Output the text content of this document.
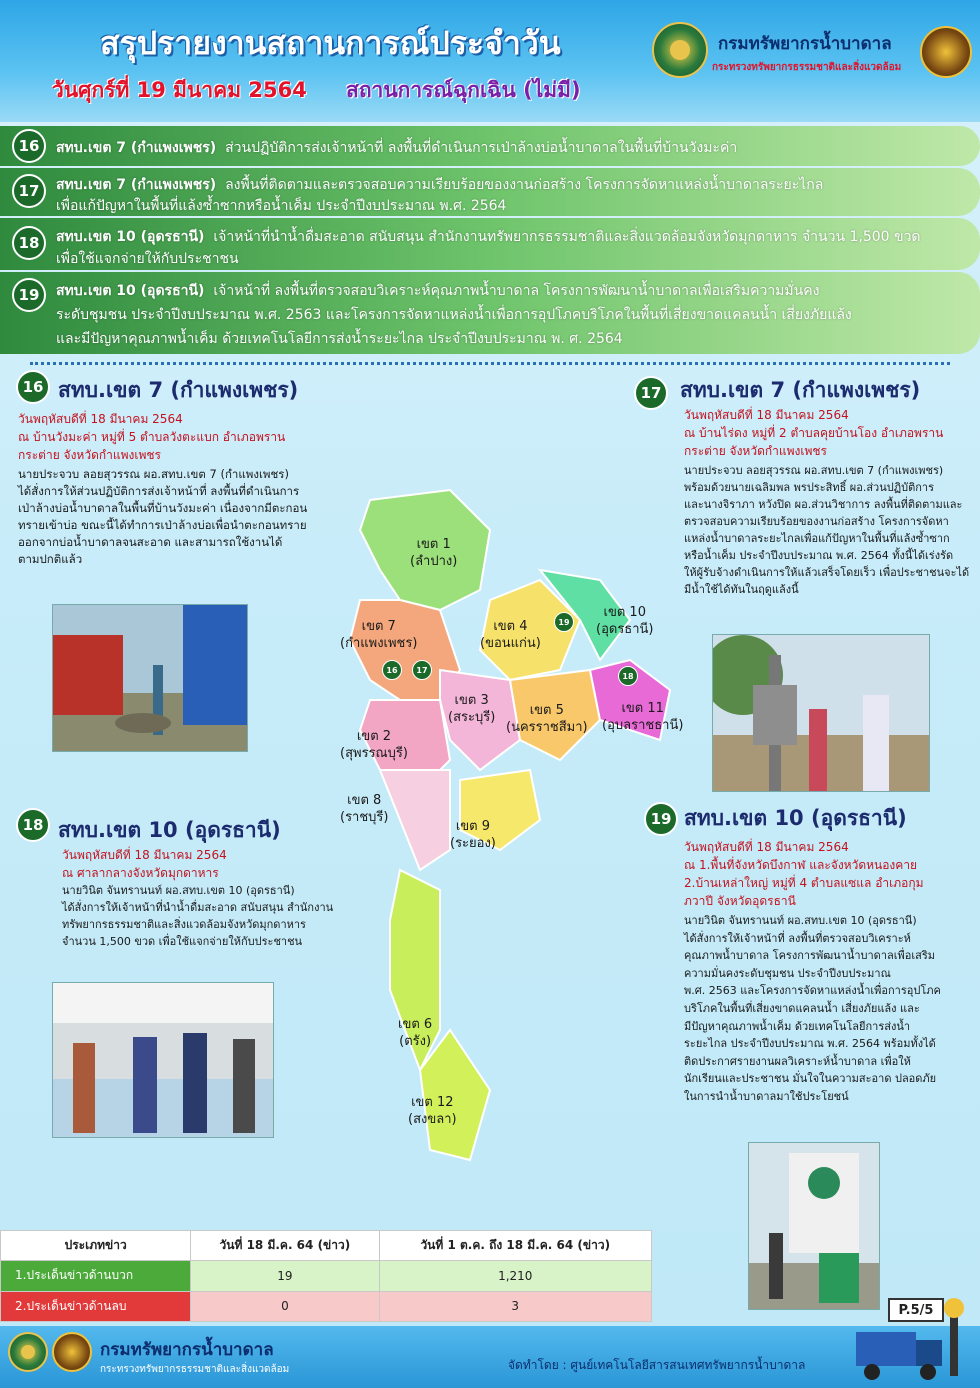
สรุปรายงานสถานการณ์ประจำวัน
วันศุกร์ที่ 19 มีนาคม 2564 สถานการณ์ฉุกเฉิน (ไม่มี)
กรมทรัพยากรน้ำบาดาล
กระทรวงทรัพยากรธรรมชาติและสิ่งแวดล้อม
16	สทบ.เขต 7 (กำแพงเพชร) ส่วนปฏิบัติการส่งเจ้าหน้าที่ ลงพื้นที่ดำเนินการเป่าล้างบ่อน้ำบาดาลในพื้นที่บ้านวังมะค่า
17	สทบ.เขต 7 (กำแพงเพชร) ลงพื้นที่ติดตามและตรวจสอบความเรียบร้อยของงานก่อสร้าง โครงการจัดหาแหล่งน้ำบาดาลระยะไกล
เพื่อแก้ปัญหาในพื้นที่แล้งซ้ำซากหรือน้ำเค็ม ประจำปีงบประมาณ พ.ศ. 2564
18	สทบ.เขต 10 (อุดรธานี) เจ้าหน้าที่นำน้ำดื่มสะอาด สนับสนุน สำนักงานทรัพยากรธรรมชาติและสิ่งแวดล้อมจังหวัดมุกดาหาร จำนวน 1,500 ขวด
เพื่อใช้แจกจ่ายให้กับประชาชน
19	สทบ.เขต 10 (อุดรธานี) เจ้าหน้าที่ ลงพื้นที่ตรวจสอบวิเคราะห์คุณภาพน้ำบาดาล โครงการพัฒนาน้ำบาดาลเพื่อเสริมความมั่นคง
ระดับชุมชน ประจำปีงบประมาณ พ.ศ. 2563 และโครงการจัดหาแหล่งน้ำเพื่อการอุปโภคบริโภคในพื้นที่เสี่ยงขาดแคลนน้ำ เสี่ยงภัยแล้ง
และมีปัญหาคุณภาพน้ำเค็ม ด้วยเทคโนโลยีการส่งน้ำระยะไกล ประจำปีงบประมาณ พ. ศ. 2564
16 สทบ.เขต 7 (กำแพงเพชร)
วันพฤหัสบดีที่ 18 มีนาคม 2564
ณ บ้านวังมะค่า หมู่ที่ 5 ตำบลวังตะแบก อำเภอพราน
กระต่าย จังหวัดกำแพงเพชร
นายประจวบ ลอยสุวรรณ ผอ.สทบ.เขต 7 (กำแพงเพชร)
ได้สั่งการให้ส่วนปฏิบัติการส่งเจ้าหน้าที่ ลงพื้นที่ดำเนินการ
เป่าล้างบ่อน้ำบาดาลในพื้นที่บ้านวังมะค่า เนื่องจากมีตะกอน
ทรายเข้าบ่อ ขณะนี้ได้ทำการเป่าล้างบ่อเพื่อนำตะกอนทราย
ออกจากบ่อน้ำบาดาลจนสะอาด และสามารถใช้งานได้
ตามปกติแล้ว
17 สทบ.เขต 7 (กำแพงเพชร)
วันพฤหัสบดีที่ 18 มีนาคม 2564
ณ บ้านไร่ดง หมู่ที่ 2 ตำบลคุยบ้านโอง อำเภอพราน
กระต่าย จังหวัดกำแพงเพชร
นายประจวบ ลอยสุวรรณ ผอ.สทบ.เขต 7 (กำแพงเพชร)
พร้อมด้วยนายเฉลิมพล พรประสิทธิ์ ผอ.ส่วนปฏิบัติการ
และนางจิราภา หวังปิด ผอ.ส่วนวิชาการ ลงพื้นที่ติดตามและ
ตรวจสอบความเรียบร้อยของงานก่อสร้าง โครงการจัดหา
แหล่งน้ำบาดาลระยะไกลเพื่อแก้ปัญหาในพื้นที่แล้งซ้ำซาก
หรือน้ำเค็ม ประจำปีงบประมาณ พ.ศ. 2564 ทั้งนี้ได้เร่งรัด
ให้ผู้รับจ้างดำเนินการให้แล้วเสร็จโดยเร็ว เพื่อประชาชนจะได้
มีน้ำใช้ได้ทันในฤดูแล้งนี้
18 สทบ.เขต 10 (อุดรธานี)
วันพฤหัสบดีที่ 18 มีนาคม 2564
ณ ศาลากลางจังหวัดมุกดาหาร
นายวินิต จันทรานนท์ ผอ.สทบ.เขต 10 (อุดรธานี)
ได้สั่งการให้เจ้าหน้าที่นำน้ำดื่มสะอาด สนับสนุน สำนักงาน
ทรัพยากรธรรมชาติและสิ่งแวดล้อมจังหวัดมุกดาหาร
จำนวน 1,500 ขวด เพื่อใช้แจกจ่ายให้กับประชาชน
19 สทบ.เขต 10 (อุดรธานี)
วันพฤหัสบดีที่ 18 มีนาคม 2564
ณ 1.พื้นที่จังหวัดบึงกาฬ และจังหวัดหนองคาย
2.บ้านเหล่าใหญ่ หมู่ที่ 4 ตำบลแซแล อำเภอกุม
ภวาปี จังหวัดอุดรธานี
นายวินิต จันทรานนท์ ผอ.สทบ.เขต 10 (อุดรธานี)
ได้สั่งการให้เจ้าหน้าที่ ลงพื้นที่ตรวจสอบวิเคราะห์
คุณภาพน้ำบาดาล โครงการพัฒนาน้ำบาดาลเพื่อเสริม
ความมั่นคงระดับชุมชน ประจำปีงบประมาณ
พ.ศ. 2563 และโครงการจัดหาแหล่งน้ำเพื่อการอุปโภค
บริโภคในพื้นที่เสี่ยงขาดแคลนน้ำ เสี่ยงภัยแล้ง และ
มีปัญหาคุณภาพน้ำเค็ม ด้วยเทคโนโลยีการส่งน้ำ
ระยะไกล ประจำปีงบประมาณ พ.ศ. 2564 พร้อมทั้งได้
ติดประกาศรายงานผลวิเคราะห์น้ำบาดาล เพื่อให้
นักเรียนและประชาชน มั่นใจในความสะอาด ปลอดภัย
ในการนำน้ำบาดาลมาใช้ประโยชน์
เขต 1
(ลำปาง)
เขต 7
(กำแพงเพชร)
เขต 4
(ขอนแก่น)
เขต 10
(อุดรธานี)
เขต 3
(สระบุรี)	เขต 5
(นครราชสีมา)
เขต 11
(อุบลราชธานี)
เขต 2
(สุพรรณบุรี)
เขต 8
(ราชบุรี)
เขต 9
(ระยอง)
เขต 6
(ตรัง)
เขต 12
(สงขลา)
16	17
18
19
ประเภทข่าว	วันที่ 18 มี.ค. 64 (ข่าว)	วันที่ 1 ต.ค. ถึง 18 มี.ค. 64 (ข่าว)
1.ประเด็นข่าวด้านบวก	19	1,210
2.ประเด็นข่าวด้านลบ	0	3	P.5/5
กรมทรัพยากรน้ำบาดาล
กระทรวงทรัพยากรธรรมชาติและสิ่งแวดล้อม	จัดทำโดย : ศูนย์เทคโนโลยีสารสนเทศทรัพยากรน้ำบาดาล
